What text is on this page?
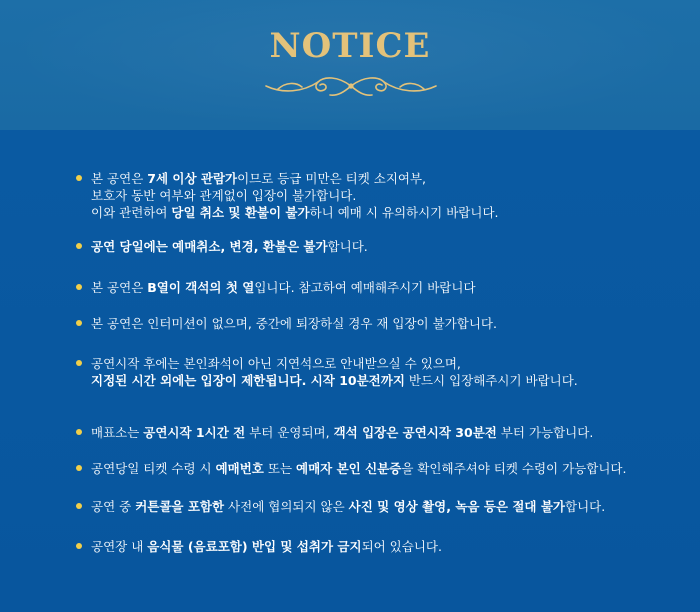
NOTICE
본 공연은 7세 이상 관람가이므로 등급 미만은 티켓 소지여부,
보호자 동반 여부와 관계없이 입장이 불가합니다.
이와 관련하여 당일 취소 및 환불이 불가하니 예매 시 유의하시기 바랍니다.
공연 당일에는 예매취소, 변경, 환불은 불가합니다.
본 공연은 B열이 객석의 첫 열입니다. 참고하여 예매해주시기 바랍니다
본 공연은 인터미션이 없으며, 중간에 퇴장하실 경우 재 입장이 불가합니다.
공연시작 후에는 본인좌석이 아닌 지연석으로 안내받으실 수 있으며,
지정된 시간 외에는 입장이 제한됩니다. 시작 10분전까지 반드시 입장해주시기 바랍니다.
매표소는 공연시작 1시간 전 부터 운영되며, 객석 입장은 공연시작 30분전 부터 가능합니다.
공연당일 티켓 수령 시 예매번호 또는 예매자 본인 신분증을 확인해주셔야 티켓 수령이 가능합니다.
공연 중 커튼콜을 포함한 사전에 협의되지 않은 사진 및 영상 촬영, 녹음 등은 절대 불가합니다.
공연장 내 음식물 (음료포함) 반입 및 섭취가 금지되어 있습니다.
